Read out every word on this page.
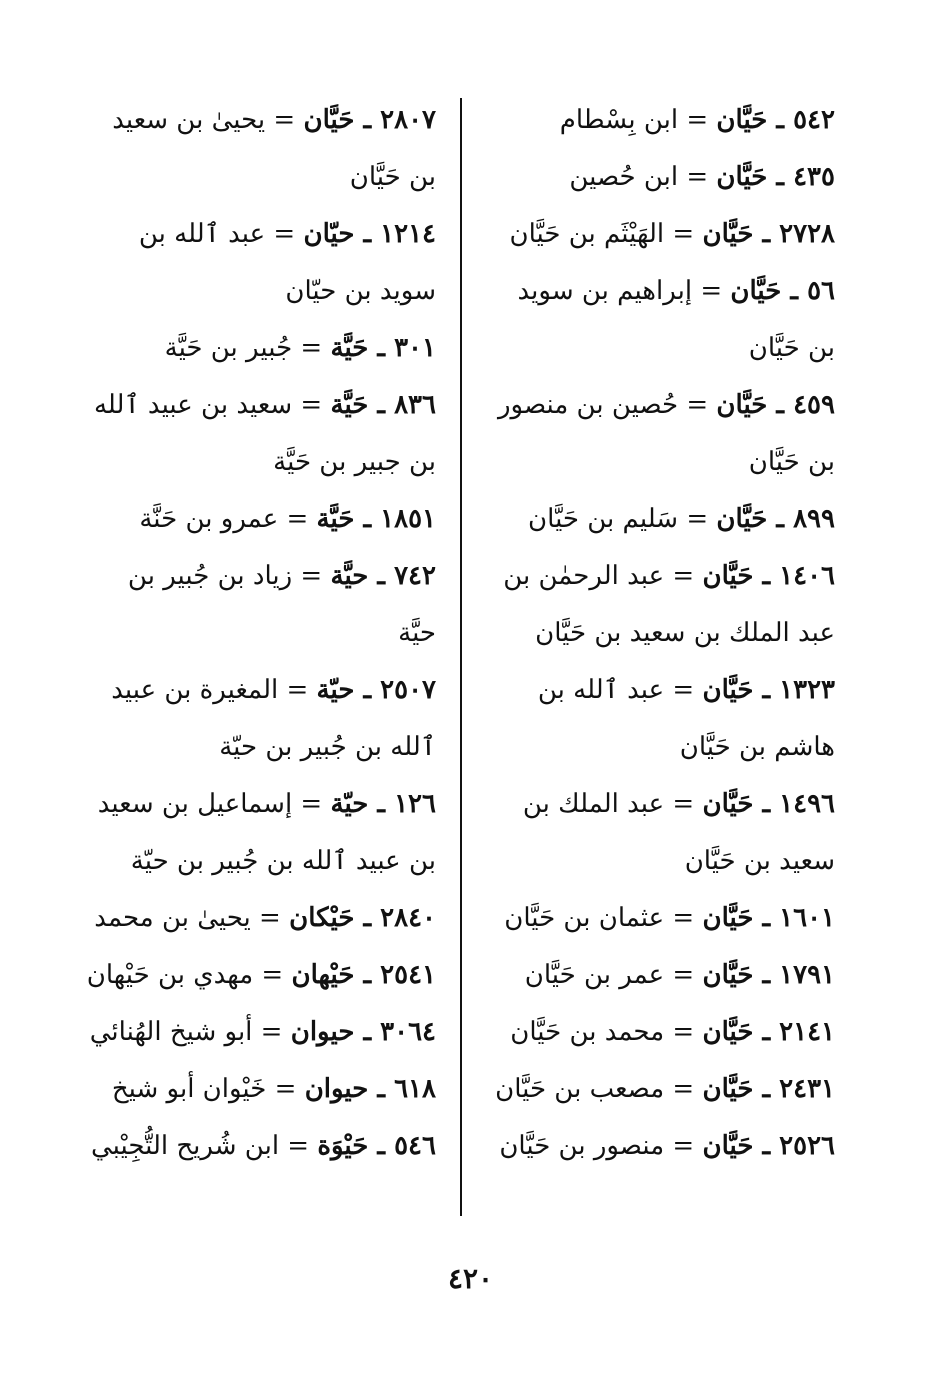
٥٤٢ ـ حَيَّان = ابن بِسْطام

٤٣٥ ـ حَيَّان = ابن حُصين

٢٧٢٨ ـ حَيَّان = الهَيْثَم بن حَيَّان

٥٦ ـ حَيَّان = إبراهيم بن سويد بن حَيَّان

٤٥٩ ـ حَيَّان = حُصين بن منصور بن حَيَّان

٨٩٩ ـ حَيَّان = سَليم بن حَيَّان

١٤٠٦ ـ حَيَّان = عبد الرحمٰن بن عبد الملك بن سعيد بن حَيَّان

١٣٢٣ ـ حَيَّان = عبد ٱلله بن هاشم بن حَيَّان

١٤٩٦ ـ حَيَّان = عبد الملك بن سعيد بن حَيَّان

١٦٠١ ـ حَيَّان = عثمان بن حَيَّان

١٧٩١ ـ حَيَّان = عمر بن حَيَّان

٢١٤١ ـ حَيَّان = محمد بن حَيَّان

٢٤٣١ ـ حَيَّان = مصعب بن حَيَّان

٢٥٢٦ ـ حَيَّان = منصور بن حَيَّان

٢٨٠٧ ـ حَيَّان = يحيىٰ بن سعيد بن حَيَّان

١٢١٤ ـ حيّان = عبد ٱلله بن سويد بن حيّان

٣٠١ ـ حَيَّة = جُبير بن حَيَّة

٨٣٦ ـ حَيَّة = سعيد بن عبيد ٱلله بن جبير بن حَيَّة

١٨٥١ ـ حَيَّة = عمرو بن حَنَّة

٧٤٢ ـ حيَّة = زياد بن جُبير بن حيَّة

٢٥٠٧ ـ حيّة = المغيرة بن عبيد ٱلله بن جُبير بن حيّة

١٢٦ ـ حيّة = إسماعيل بن سعيد بن عبيد ٱلله بن جُبير بن حيّة

٢٨٤٠ ـ حَيْكان = يحيىٰ بن محمد

٢٥٤١ ـ حَيْهان = مهدي بن حَيْهان

٣٠٦٤ ـ حيوان = أبو شيخ الهُنائي

٦١٨ ـ حيوان = خَيْوان أبو شيخ

٥٤٦ ـ حَيْوَة = ابن شُريح التُّجِيْبي

٤٢٠
